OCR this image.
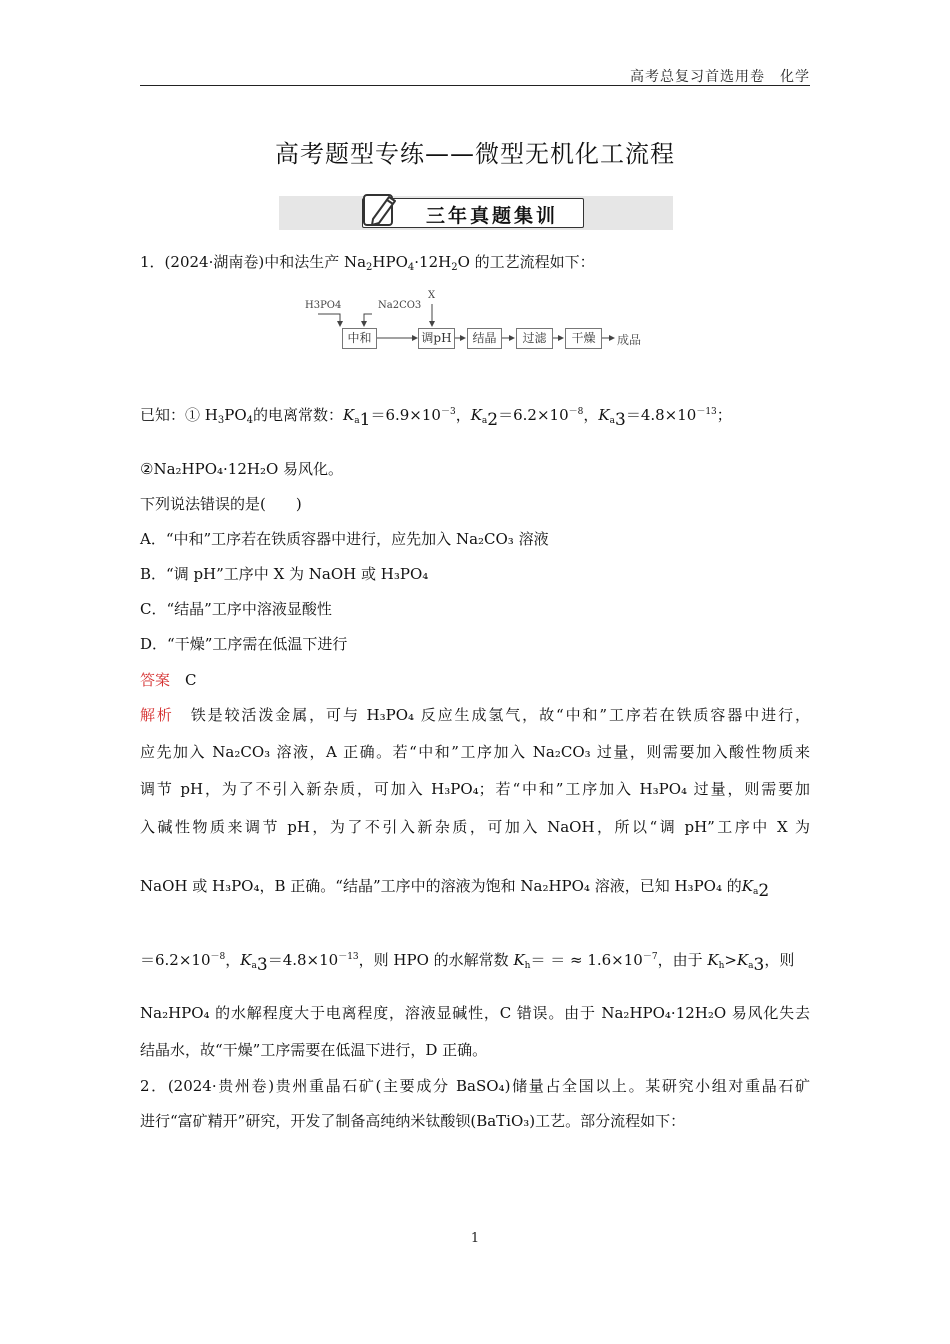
高考总复习首选用卷　化学
高考题型专练——微型无机化工流程
三年真题集训
1．(2024·湖南卷)中和法生产 $Na_2HPO_4\cdot 12H_2O$ 的工艺流程如下：
H3PO4	Na2CO3
X
中和	调pH	结晶	过滤	干燥	成品
已知：① $H_3PO_4$的电离常数：$K_a1=6.9\times 10^{-3}$，$K_a2=6.2\times 10^{-8}$，$K_a3=4.8\times 10^{-13}$；
②Na₂HPO₄·12H₂O 易风化。
下列说法错误的是(　　)
A．“中和”工序若在铁质容器中进行，应先加入 Na₂CO₃ 溶液
B．“调 pH”工序中 X 为 NaOH 或 H₃PO₄
C．“结晶”工序中溶液显酸性
D．“干燥”工序需在低温下进行
答案　 C
解析　 铁是较活泼金属，可与 H₃PO₄ 反应生成氢气，故“中和”工序若在铁质容器中进行，
应先加入 Na₂CO₃ 溶液，A 正确。若“中和”工序加入 Na₂CO₃ 过量，则需要加入酸性物质来
调节 pH，为了不引入新杂质，可加入 H₃PO₄；若“中和”工序加入 H₃PO₄ 过量，则需要加
入碱性物质来调节 pH，为了不引入新杂质，可加入 NaOH，所以“调 pH”工序中 X 为
NaOH 或 H₃PO₄，B 正确。“结晶”工序中的溶液为饱和 Na₂HPO₄ 溶液，已知 H₃PO₄ 的$K_a2$
$=6.2\times 10^{-8}$，$K_a3=4.8\times 10^{-13}$，则 HPO 的水解常数 $K_h=$ ＝ ≈ $1.6\times 10^{-7}$，由于 $K_h>K_a3$，则
Na₂HPO₄ 的水解程度大于电离程度，溶液显碱性，C 错误。由于 Na₂HPO₄·12H₂O 易风化失去
结晶水，故“干燥”工序需要在低温下进行，D 正确。
2．(2024·贵州卷)贵州重晶石矿(主要成分 BaSO₄)储量占全国以上。某研究小组对重晶石矿
进行“富矿精开”研究，开发了制备高纯纳米钛酸钡(BaTiO₃)工艺。部分流程如下：
1
